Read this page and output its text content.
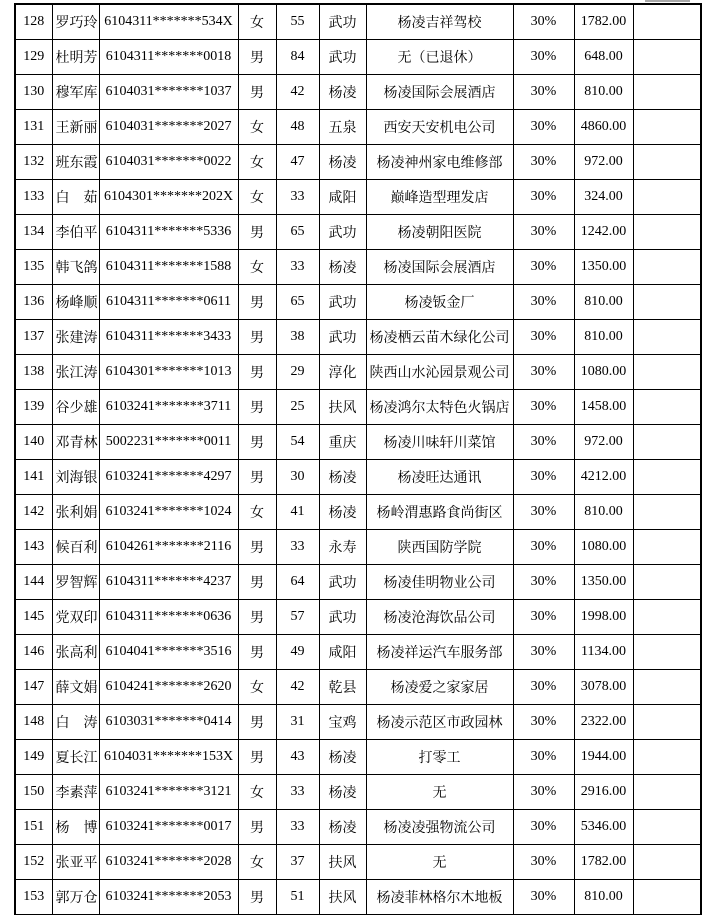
128	罗巧玲	6104311*******534X	女	55	武功	杨凌吉祥驾校	30%	1782.00	
129	杜明芳	6104311*******0018	男	84	武功	无（已退休）	30%	648.00	
130	穆军库	6104031*******1037	男	42	杨凌	杨凌国际会展酒店	30%	810.00	
131	王新丽	6104031*******2027	女	48	五泉	西安天安机电公司	30%	4860.00	
132	班东霞	6104031*******0022	女	47	杨凌	杨凌神州家电维修部	30%	972.00	
133	白　茹	6104301*******202X	女	33	咸阳	巅峰造型理发店	30%	324.00	
134	李伯平	6104311*******5336	男	65	武功	杨凌朝阳医院	30%	1242.00	
135	韩飞鸽	6104311*******1588	女	33	杨凌	杨凌国际会展酒店	30%	1350.00	
136	杨峰顺	6104311*******0611	男	65	武功	杨凌钣金厂	30%	810.00	
137	张建涛	6104311*******3433	男	38	武功	杨凌栖云苗木绿化公司	30%	810.00	
138	张江涛	6104301*******1013	男	29	淳化	陕西山水沁园景观公司	30%	1080.00	
139	谷少雄	6103241*******3711	男	25	扶风	杨凌鸿尔太特色火锅店	30%	1458.00	
140	邓青林	5002231*******0011	男	54	重庆	杨凌川味轩川菜馆	30%	972.00	
141	刘海银	6103241*******4297	男	30	杨凌	杨凌旺达通讯	30%	4212.00	
142	张利娟	6103241*******1024	女	41	杨凌	杨岭渭惠路食尚街区	30%	810.00	
143	候百利	6104261*******2116	男	33	永寿	陕西国防学院	30%	1080.00	
144	罗智辉	6104311*******4237	男	64	武功	杨凌佳明物业公司	30%	1350.00	
145	党双印	6104311*******0636	男	57	武功	杨凌沧海饮品公司	30%	1998.00	
146	张高利	6104041*******3516	男	49	咸阳	杨凌祥运汽车服务部	30%	1134.00	
147	薛文娟	6104241*******2620	女	42	乾县	杨凌爱之家家居	30%	3078.00	
148	白　涛	6103031*******0414	男	31	宝鸡	杨凌示范区市政园林	30%	2322.00	
149	夏长江	6104031*******153X	男	43	杨凌	打零工	30%	1944.00	
150	李素萍	6103241*******3121	女	33	杨凌	无	30%	2916.00	
151	杨　博	6103241*******0017	男	33	杨凌	杨凌凌强物流公司	30%	5346.00	
152	张亚平	6103241*******2028	女	37	扶风	无	30%	1782.00	
153	郭万仓	6103241*******2053	男	51	扶风	杨凌菲林格尔木地板	30%	810.00	
